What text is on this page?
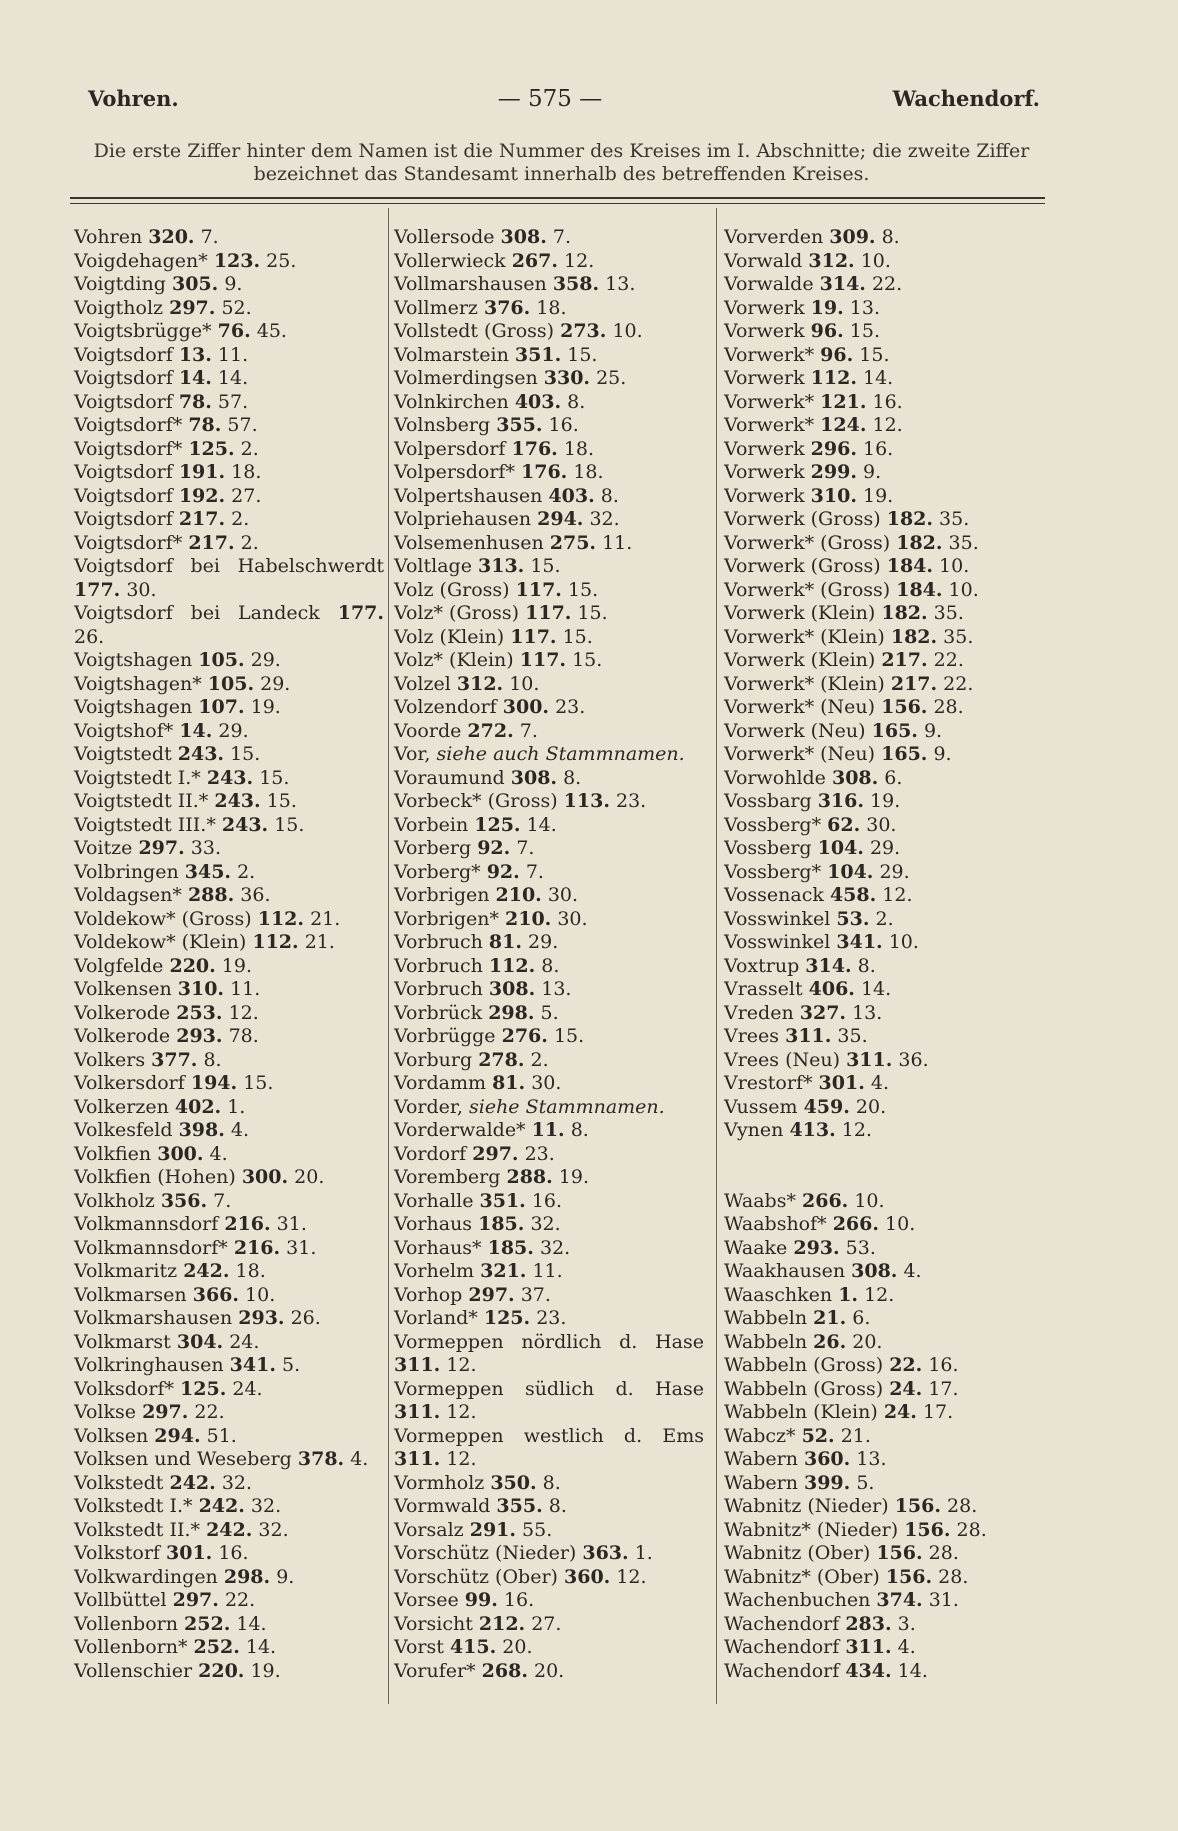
Vohren.	— 575 —	Wachendorf.
Die erste Ziffer hinter dem Namen ist die Nummer des Kreises im I. Abschnitte; die zweite Ziffer bezeichnet das Standesamt innerhalb des betreffenden Kreises.
Vohren 320. 7.
Voigdehagen* 123. 25.
Voigtding 305. 9.
Voigtholz 297. 52.
Voigtsbrügge* 76. 45.
Voigtsdorf 13. 11.
Voigtsdorf 14. 14.
Voigtsdorf 78. 57.
Voigtsdorf* 78. 57.
Voigtsdorf* 125. 2.
Voigtsdorf 191. 18.
Voigtsdorf 192. 27.
Voigtsdorf 217. 2.
Voigtsdorf* 217. 2.
Voigtsdorf bei Habelschwerdt 177. 30.
Voigtsdorf bei Landeck 177. 26.
Voigtshagen 105. 29.
Voigtshagen* 105. 29.
Voigtshagen 107. 19.
Voigtshof* 14. 29.
Voigtstedt 243. 15.
Voigtstedt I.* 243. 15.
Voigtstedt II.* 243. 15.
Voigtstedt III.* 243. 15.
Voitze 297. 33.
Volbringen 345. 2.
Voldagsen* 288. 36.
Voldekow* (Gross) 112. 21.
Voldekow* (Klein) 112. 21.
Volgfelde 220. 19.
Volkensen 310. 11.
Volkerode 253. 12.
Volkerode 293. 78.
Volkers 377. 8.
Volkersdorf 194. 15.
Volkerzen 402. 1.
Volkesfeld 398. 4.
Volkfien 300. 4.
Volkfien (Hohen) 300. 20.
Volkholz 356. 7.
Volkmannsdorf 216. 31.
Volkmannsdorf* 216. 31.
Volkmaritz 242. 18.
Volkmarsen 366. 10.
Volkmarshausen 293. 26.
Volkmarst 304. 24.
Volkringhausen 341. 5.
Volksdorf* 125. 24.
Volkse 297. 22.
Volksen 294. 51.
Volksen und Weseberg 378. 4.
Volkstedt 242. 32.
Volkstedt I.* 242. 32.
Volkstedt II.* 242. 32.
Volkstorf 301. 16.
Volkwardingen 298. 9.
Vollbüttel 297. 22.
Vollenborn 252. 14.
Vollenborn* 252. 14.
Vollenschier 220. 19.
Vollersode 308. 7.
Vollerwieck 267. 12.
Vollmarshausen 358. 13.
Vollmerz 376. 18.
Vollstedt (Gross) 273. 10.
Volmarstein 351. 15.
Volmerdingsen 330. 25.
Volnkirchen 403. 8.
Volnsberg 355. 16.
Volpersdorf 176. 18.
Volpersdorf* 176. 18.
Volpertshausen 403. 8.
Volpriehausen 294. 32.
Volsemenhusen 275. 11.
Voltlage 313. 15.
Volz (Gross) 117. 15.
Volz* (Gross) 117. 15.
Volz (Klein) 117. 15.
Volz* (Klein) 117. 15.
Volzel 312. 10.
Volzendorf 300. 23.
Voorde 272. 7.
Vor, siehe auch Stammnamen.
Voraumund 308. 8.
Vorbeck* (Gross) 113. 23.
Vorbein 125. 14.
Vorberg 92. 7.
Vorberg* 92. 7.
Vorbrigen 210. 30.
Vorbrigen* 210. 30.
Vorbruch 81. 29.
Vorbruch 112. 8.
Vorbruch 308. 13.
Vorbrück 298. 5.
Vorbrügge 276. 15.
Vorburg 278. 2.
Vordamm 81. 30.
Vorder, siehe Stammnamen.
Vorderwalde* 11. 8.
Vordorf 297. 23.
Voremberg 288. 19.
Vorhalle 351. 16.
Vorhaus 185. 32.
Vorhaus* 185. 32.
Vorhelm 321. 11.
Vorhop 297. 37.
Vorland* 125. 23.
Vormeppen nördlich d. Hase 311. 12.
Vormeppen südlich d. Hase 311. 12.
Vormeppen westlich d. Ems 311. 12.
Vormholz 350. 8.
Vormwald 355. 8.
Vorsalz 291. 55.
Vorschütz (Nieder) 363. 1.
Vorschütz (Ober) 360. 12.
Vorsee 99. 16.
Vorsicht 212. 27.
Vorst 415. 20.
Vorufer* 268. 20.
Vorverden 309. 8.
Vorwald 312. 10.
Vorwalde 314. 22.
Vorwerk 19. 13.
Vorwerk 96. 15.
Vorwerk* 96. 15.
Vorwerk 112. 14.
Vorwerk* 121. 16.
Vorwerk* 124. 12.
Vorwerk 296. 16.
Vorwerk 299. 9.
Vorwerk 310. 19.
Vorwerk (Gross) 182. 35.
Vorwerk* (Gross) 182. 35.
Vorwerk (Gross) 184. 10.
Vorwerk* (Gross) 184. 10.
Vorwerk (Klein) 182. 35.
Vorwerk* (Klein) 182. 35.
Vorwerk (Klein) 217. 22.
Vorwerk* (Klein) 217. 22.
Vorwerk* (Neu) 156. 28.
Vorwerk (Neu) 165. 9.
Vorwerk* (Neu) 165. 9.
Vorwohlde 308. 6.
Vossbarg 316. 19.
Vossberg* 62. 30.
Vossberg 104. 29.
Vossberg* 104. 29.
Vossenack 458. 12.
Vosswinkel 53. 2.
Vosswinkel 341. 10.
Voxtrup 314. 8.
Vrasselt 406. 14.
Vreden 327. 13.
Vrees 311. 35.
Vrees (Neu) 311. 36.
Vrestorf* 301. 4.
Vussem 459. 20.
Vynen 413. 12.
Waabs* 266. 10.
Waabshof* 266. 10.
Waake 293. 53.
Waakhausen 308. 4.
Waaschken 1. 12.
Wabbeln 21. 6.
Wabbeln 26. 20.
Wabbeln (Gross) 22. 16.
Wabbeln (Gross) 24. 17.
Wabbeln (Klein) 24. 17.
Wabcz* 52. 21.
Wabern 360. 13.
Wabern 399. 5.
Wabnitz (Nieder) 156. 28.
Wabnitz* (Nieder) 156. 28.
Wabnitz (Ober) 156. 28.
Wabnitz* (Ober) 156. 28.
Wachenbuchen 374. 31.
Wachendorf 283. 3.
Wachendorf 311. 4.
Wachendorf 434. 14.
